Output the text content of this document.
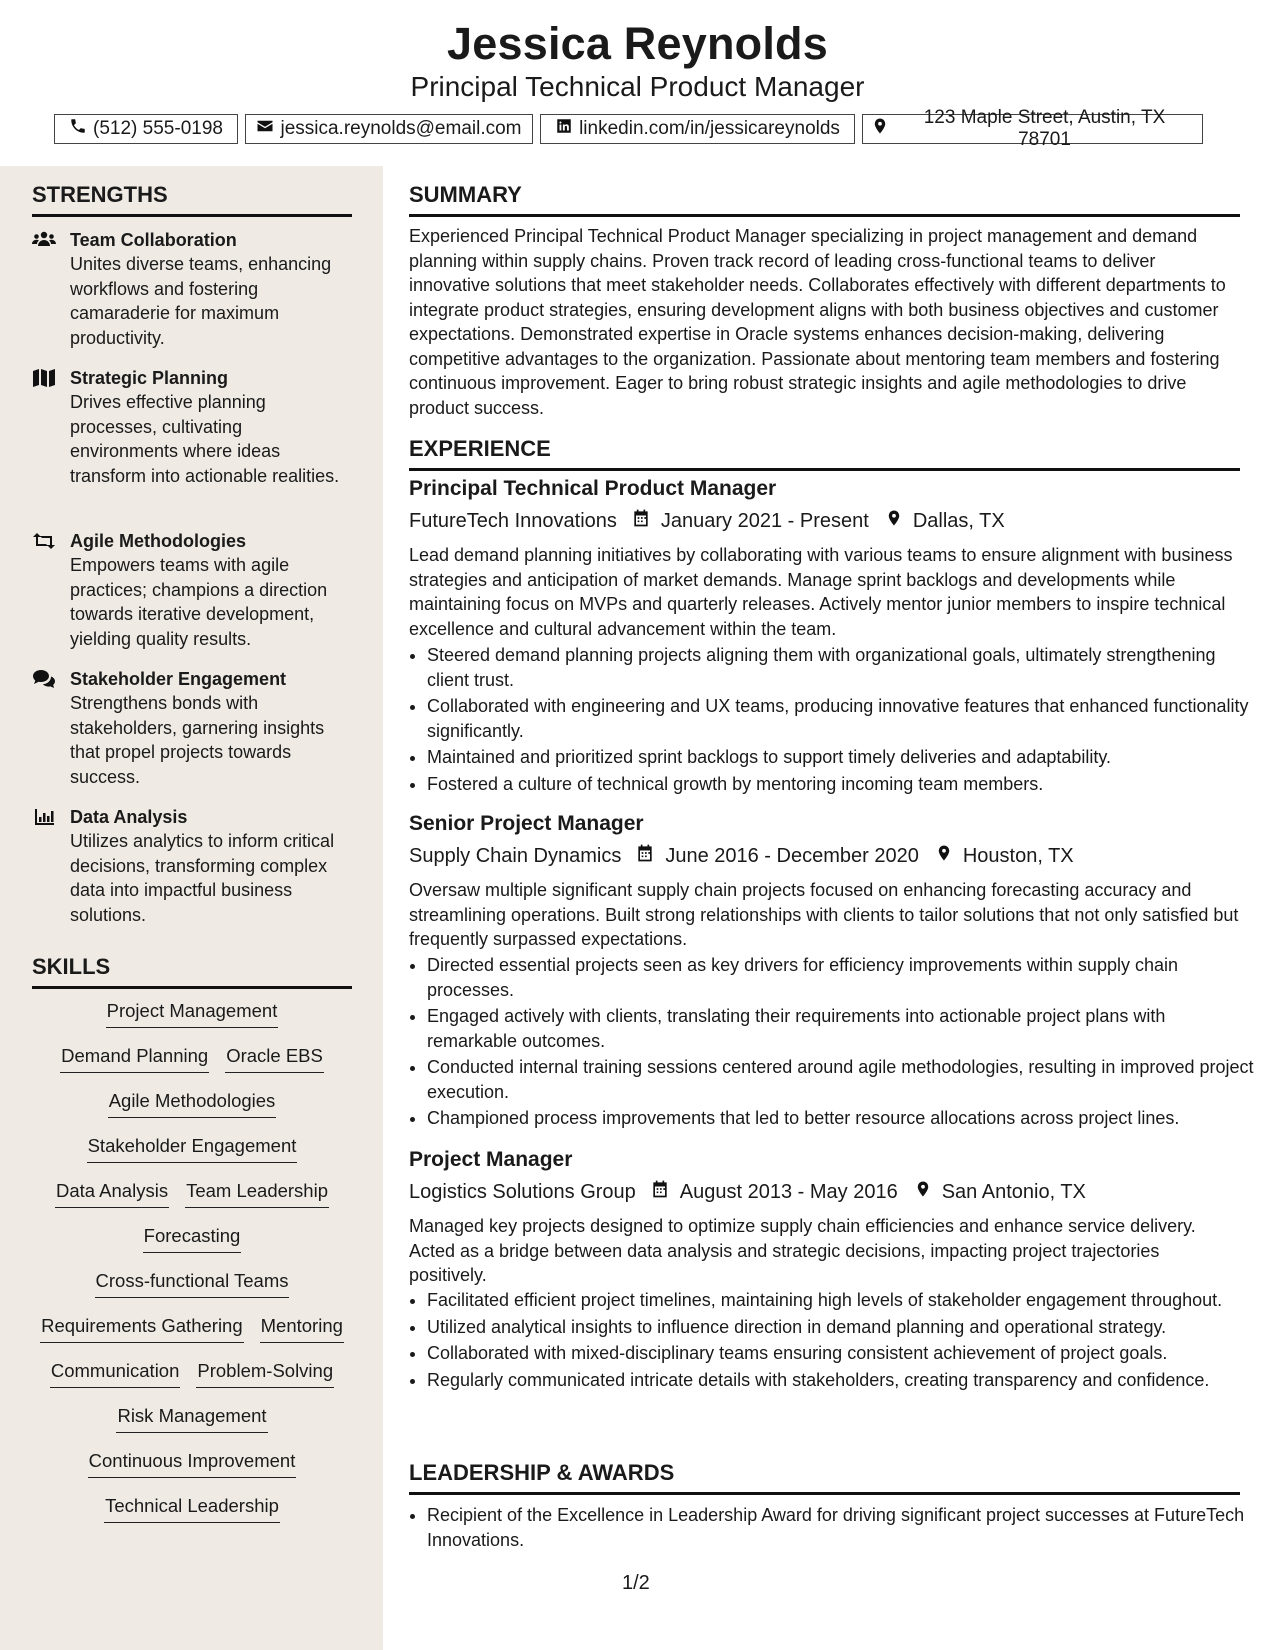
Jessica Reynolds
Principal Technical Product Manager
(512) 555-0198	jessica.reynolds@email.com	linkedin.com/in/jessicareynolds
123 Maple Street, Austin, TX 78701
STRENGTHS
Team Collaboration
Unites diverse teams, enhancing workflows and fostering camaraderie for maximum productivity.
Strategic Planning
Drives effective planning processes, cultivating environments where ideas transform into actionable realities.
Agile Methodologies
Empowers teams with agile practices; champions a direction towards iterative development, yielding quality results.
Stakeholder Engagement
Strengthens bonds with stakeholders, garnering insights that propel projects towards success.
Data Analysis
Utilizes analytics to inform critical decisions, transforming complex data into impactful business solutions.
SKILLS
Project Management
Demand Planning Oracle EBS
Agile Methodologies
Stakeholder Engagement
Data Analysis Team Leadership
Forecasting
Cross-functional Teams
Requirements Gathering Mentoring
Communication Problem-Solving
Risk Management
Continuous Improvement
Technical Leadership
SUMMARY
Experienced Principal Technical Product Manager specializing in project management and demand planning within supply chains. Proven track record of leading cross-functional teams to deliver innovative solutions that meet stakeholder needs. Collaborates effectively with different departments to integrate product strategies, ensuring development aligns with both business objectives and customer expectations. Demonstrated expertise in Oracle systems enhances decision-making, delivering competitive advantages to the organization. Passionate about mentoring team members and fostering continuous improvement. Eager to bring robust strategic insights and agile methodologies to drive product success.
EXPERIENCE
Principal Technical Product Manager
FutureTech Innovations January 2021 - Present Dallas, TX
Lead demand planning initiatives by collaborating with various teams to ensure alignment with business strategies and anticipation of market demands. Manage sprint backlogs and developments while maintaining focus on MVPs and quarterly releases. Actively mentor junior members to inspire technical excellence and cultural advancement within the team.
• Steered demand planning projects aligning them with organizational goals, ultimately strengthening client trust.
• Collaborated with engineering and UX teams, producing innovative features that enhanced functionality significantly.
• Maintained and prioritized sprint backlogs to support timely deliveries and adaptability.
• Fostered a culture of technical growth by mentoring incoming team members.
Senior Project Manager
Supply Chain Dynamics June 2016 - December 2020 Houston, TX
Oversaw multiple significant supply chain projects focused on enhancing forecasting accuracy and streamlining operations. Built strong relationships with clients to tailor solutions that not only satisfied but frequently surpassed expectations.
• Directed essential projects seen as key drivers for efficiency improvements within supply chain processes.
• Engaged actively with clients, translating their requirements into actionable project plans with remarkable outcomes.
• Conducted internal training sessions centered around agile methodologies, resulting in improved project execution.
• Championed process improvements that led to better resource allocations across project lines.
Project Manager
Logistics Solutions Group August 2013 - May 2016 San Antonio, TX
Managed key projects designed to optimize supply chain efficiencies and enhance service delivery. Acted as a bridge between data analysis and strategic decisions, impacting project trajectories positively.
• Facilitated efficient project timelines, maintaining high levels of stakeholder engagement throughout.
• Utilized analytical insights to influence direction in demand planning and operational strategy.
• Collaborated with mixed-disciplinary teams ensuring consistent achievement of project goals.
• Regularly communicated intricate details with stakeholders, creating transparency and confidence.
LEADERSHIP & AWARDS
• Recipient of the Excellence in Leadership Award for driving significant project successes at FutureTech Innovations.
1/2
